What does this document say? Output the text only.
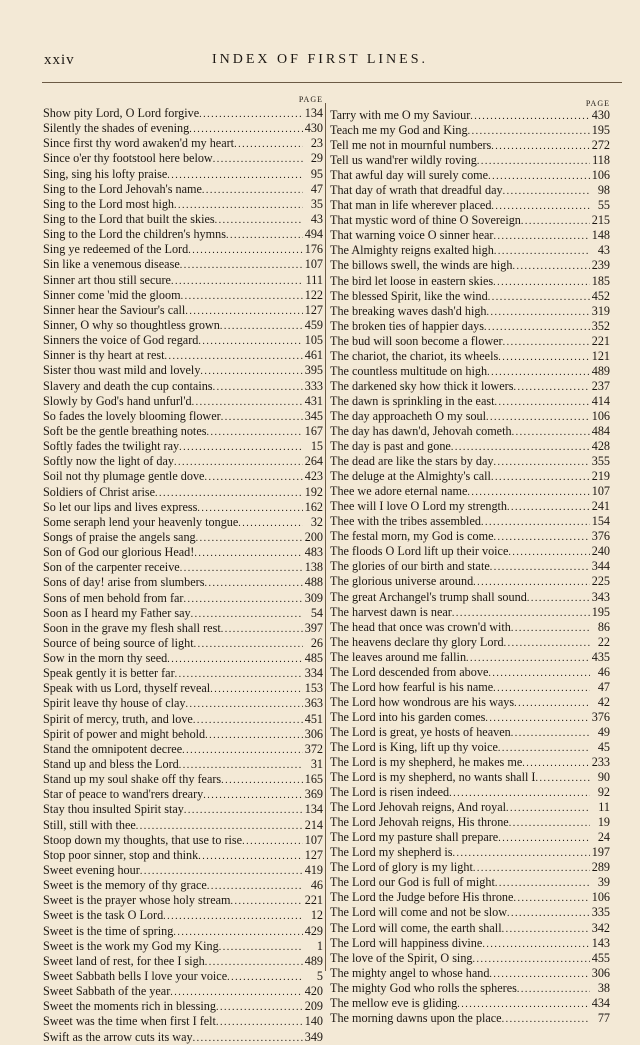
xxiv	INDEX OF FIRST LINES.
PAGE
Show pity Lord, O Lord forgive .....	134
Silently the shades of evening .....	430
Since first thy word awaken'd my heart .....	23
Since o'er thy footstool here below .....	29
Sing, sing his lofty praise .....	95
Sing to the Lord Jehovah's name .....	47
Sing to the Lord most high .....	35
Sing to the Lord that built the skies .....	43
Sing to the Lord the children's hymns .....	494
Sing ye redeemed of the Lord .....	176
Sin like a venemous disease .....	107
Sinner art thou still secure .....	111
Sinner come 'mid the gloom .....	122
Sinner hear the Saviour's call .....	127
Sinner, O why so thoughtless grown .....	459
Sinners the voice of God regard .....	105
Sinner is thy heart at rest .....	461
Sister thou wast mild and lovely .....	395
Slavery and death the cup contains .....	333
Slowly by God's hand unfurl'd .....	431
So fades the lovely blooming flower .....	345
Soft be the gentle breathing notes .....	167
Softly fades the twilight ray .....	15
Softly now the light of day .....	264
Soil not thy plumage gentle dove .....	423
Soldiers of Christ arise .....	192
So let our lips and lives express .....	162
Some seraph lend your heavenly tongue .....	32
Songs of praise the angels sang .....	200
Son of God our glorious Head! .....	483
Son of the carpenter receive .....	138
Sons of day! arise from slumbers .....	488
Sons of men behold from far .....	309
Soon as I heard my Father say .....	54
Soon in the grave my flesh shall rest .....	397
Source of being source of light .....	26
Sow in the morn thy seed .....	485
Speak gently it is better far .....	334
Speak with us Lord, thyself reveal .....	153
Spirit leave thy house of clay .....	363
Spirit of mercy, truth, and love .....	451
Spirit of power and might behold .....	306
Stand the omnipotent decree .....	372
Stand up and bless the Lord .....	31
Stand up my soul shake off thy fears .....	165
Star of peace to wand'rers dreary .....	369
Stay thou insulted Spirit stay .....	134
Still, still with thee .....	214
Stoop down my thoughts, that use to rise .....	107
Stop poor sinner, stop and think .....	127
Sweet evening hour .....	419
Sweet is the memory of thy grace .....	46
Sweet is the prayer whose holy stream .....	221
Sweet is the task O Lord .....	12
Sweet is the time of spring .....	429
Sweet is the work my God my King .....	1
Sweet land of rest, for thee I sigh .....	489
Sweet Sabbath bells I love your voice .....	5
Sweet Sabbath of the year .....	420
Sweet the moments rich in blessing .....	209
Sweet was the time when first I felt .....	140
Swift as the arrow cuts its way .....	349
PAGE
Tarry with me O my Saviour .....	430
Teach me my God and King .....	195
Tell me not in mournful numbers .....	272
Tell us wand'rer wildly roving .....	118
That awful day will surely come .....	106
That day of wrath that dreadful day .....	98
That man in life wherever placed .....	55
That mystic word of thine O Sovereign .....	215
That warning voice O sinner hear .....	148
The Almighty reigns exalted high .....	43
The billows swell, the winds are high .....	239
The bird let loose in eastern skies .....	185
The blessed Spirit, like the wind .....	452
The breaking waves dash'd high .....	319
The broken ties of happier days .....	352
The bud will soon become a flower .....	221
The chariot, the chariot, its wheels .....	121
The countless multitude on high .....	489
The darkened sky how thick it lowers .....	237
The dawn is sprinkling in the east .....	414
The day approacheth O my soul .....	106
The day has dawn'd, Jehovah cometh .....	484
The day is past and gone .....	428
The dead are like the stars by day .....	355
The deluge at the Almighty's call .....	219
Thee we adore eternal name .....	107
Thee will I love O Lord my strength .....	241
Thee with the tribes assembled .....	154
The festal morn, my God is come .....	376
The floods O Lord lift up their voice .....	240
The glories of our birth and state .....	344
The glorious universe around .....	225
The great Archangel's trump shall sound .....	343
The harvest dawn is near .....	195
The head that once was crown'd with .....	86
The heavens declare thy glory Lord .....	22
The leaves around me fallin .....	435
The Lord descended from above .....	46
The Lord how fearful is his name .....	47
The Lord how wondrous are his ways .....	42
The Lord into his garden comes .....	376
The Lord is great, ye hosts of heaven .....	49
The Lord is King, lift up thy voice .....	45
The Lord is my shepherd, he makes me .....	233
The Lord is my shepherd, no wants shall I .....	90
The Lord is risen indeed .....	92
The Lord Jehovah reigns, And royal .....	11
The Lord Jehovah reigns, His throne .....	19
The Lord my pasture shall prepare .....	24
The Lord my shepherd is .....	197
The Lord of glory is my light .....	289
The Lord our God is full of might .....	39
The Lord the Judge before His throne .....	106
The Lord will come and not be slow .....	335
The Lord will come, the earth shall .....	342
The Lord will happiness divine .....	143
The love of the Spirit, O sing .....	455
The mighty angel to whose hand .....	306
The mighty God who rolls the spheres .....	38
The mellow eve is gliding .....	434
The morning dawns upon the place .....	77
